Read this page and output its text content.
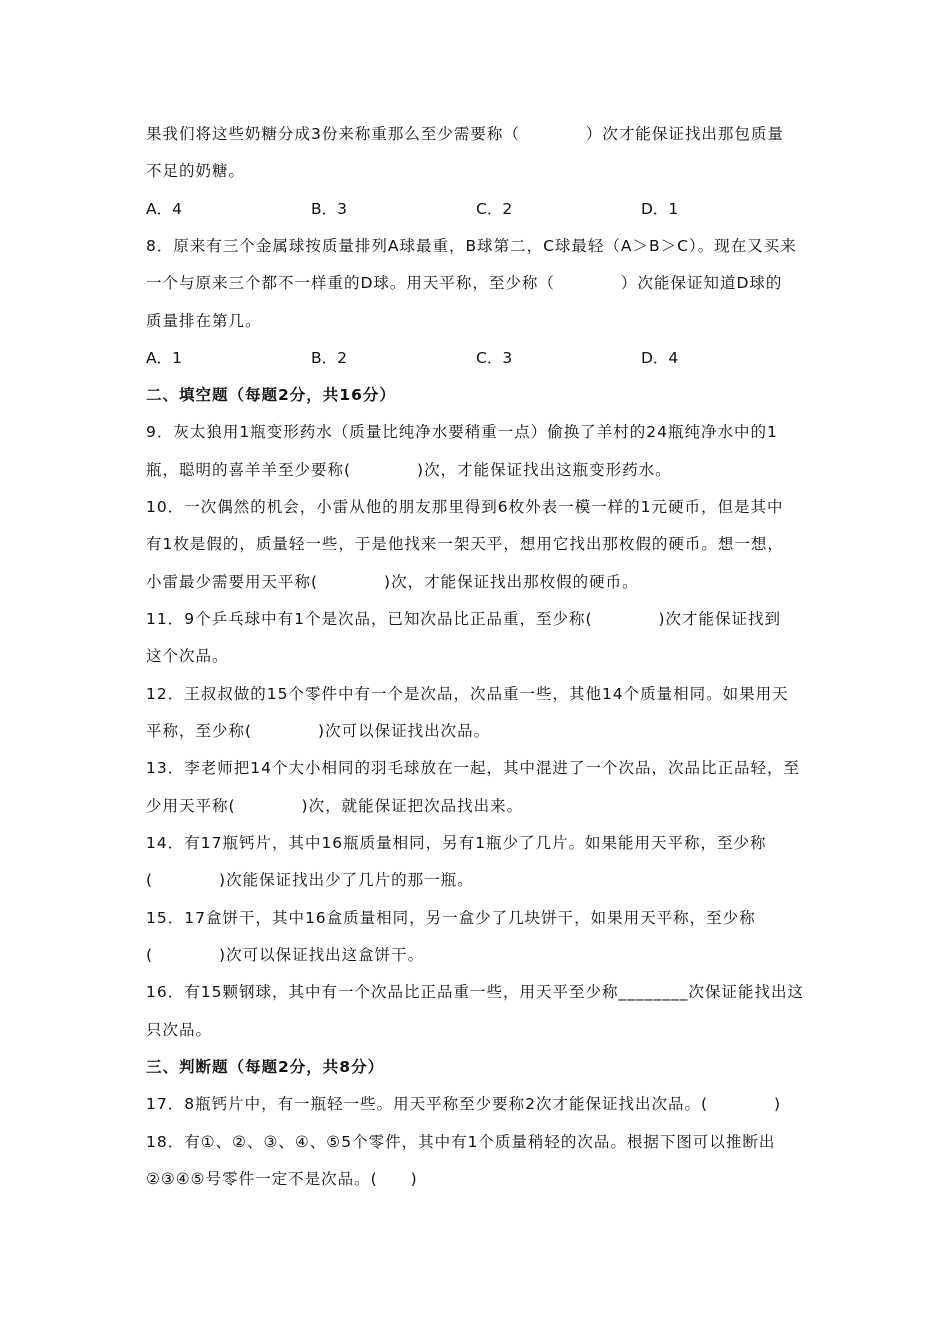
果我们将这些奶糖分成3份来称重那么至少需要称（　　　　）次才能保证找出那包质量
不足的奶糖。
A．4	B．3	C．2	D．1
8．原来有三个金属球按质量排列A球最重，B球第二，C球最轻（A＞B＞C）。现在又买来
一个与原来三个都不一样重的D球。用天平称，至少称（　　　　）次能保证知道D球的
质量排在第几。
A．1	B．2	C．3	D．4
二、填空题（每题2分，共16分）
9．灰太狼用1瓶变形药水（质量比纯净水要稍重一点）偷换了羊村的24瓶纯净水中的1
瓶，聪明的喜羊羊至少要称(　　　　)次，才能保证找出这瓶变形药水。
10．一次偶然的机会，小雷从他的朋友那里得到6枚外表一模一样的1元硬币，但是其中
有1枚是假的，质量轻一些，于是他找来一架天平，想用它找出那枚假的硬币。想一想，
小雷最少需要用天平称(　　　　)次，才能保证找出那枚假的硬币。
11．9个乒乓球中有1个是次品，已知次品比正品重，至少称(　　　　)次才能保证找到
这个次品。
12．王叔叔做的15个零件中有一个是次品，次品重一些，其他14个质量相同。如果用天
平称，至少称(　　　　)次可以保证找出次品。
13．李老师把14个大小相同的羽毛球放在一起，其中混进了一个次品，次品比正品轻，至
少用天平称(　　　　)次，就能保证把次品找出来。
14．有17瓶钙片，其中16瓶质量相同，另有1瓶少了几片。如果能用天平称，至少称
(　　　　)次能保证找出少了几片的那一瓶。
15．17盒饼干，其中16盒质量相同，另一盒少了几块饼干，如果用天平称，至少称
(　　　　)次可以保证找出这盒饼干。
16．有15颗钢球，其中有一个次品比正品重一些，用天平至少称________次保证能找出这
只次品。
三、判断题（每题2分，共8分）
17．8瓶钙片中，有一瓶轻一些。用天平称至少要称2次才能保证找出次品。(　　　　)
18．有①、②、③、④、⑤5个零件，其中有1个质量稍轻的次品。根据下图可以推断出
②③④⑤号零件一定不是次品。(　　)
